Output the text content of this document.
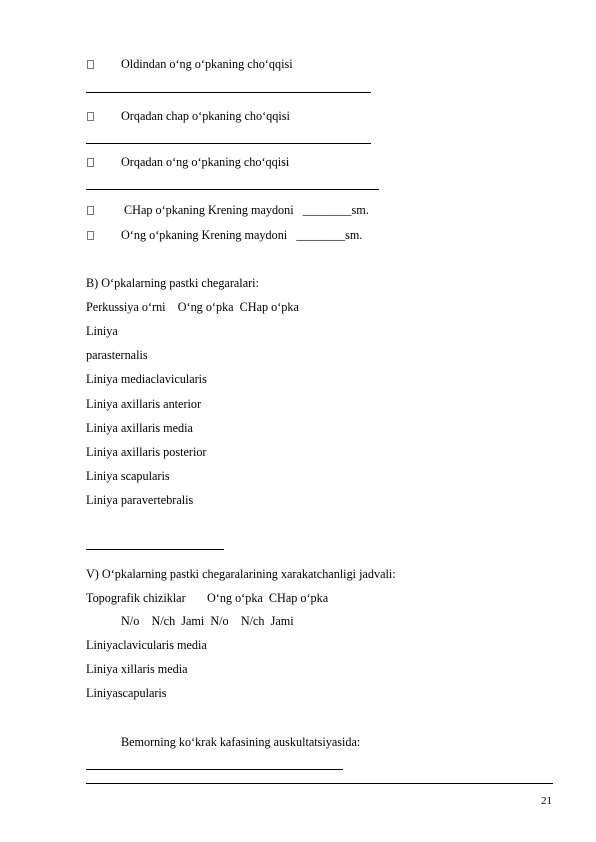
Oldindan o‘ng o‘pkaning cho‘qqisi
Orqadan chap o‘pkaning cho‘qqisi
Orqadan o‘ng o‘pkaning cho‘qqisi
CHap o‘pkaning Krening maydoni   ________sm.
O‘ng o‘pkaning Krening maydoni   ________sm.
B) O‘pkalarning pastki chegaralari:
Perkussiya o‘rni    O‘ng o‘pka  CHap o‘pka
Liniya
parasternalis
Liniya mediaclavicularis
Liniya axillaris anterior
Liniya axillaris media
Liniya axillaris posterior
Liniya scapularis
Liniya paravertebralis
V) O‘pkalarning pastki chegaralarining xarakatchanligi jadvali:
Topografik chiziklar       O‘ng o‘pka  CHap o‘pka
N/o    N/ch  Jami  N/o    N/ch  Jami
Liniyaclavicularis media
Liniya xillaris media
Liniyascapularis
Bemorning ko‘krak kafasining auskultatsiyasida:
21
